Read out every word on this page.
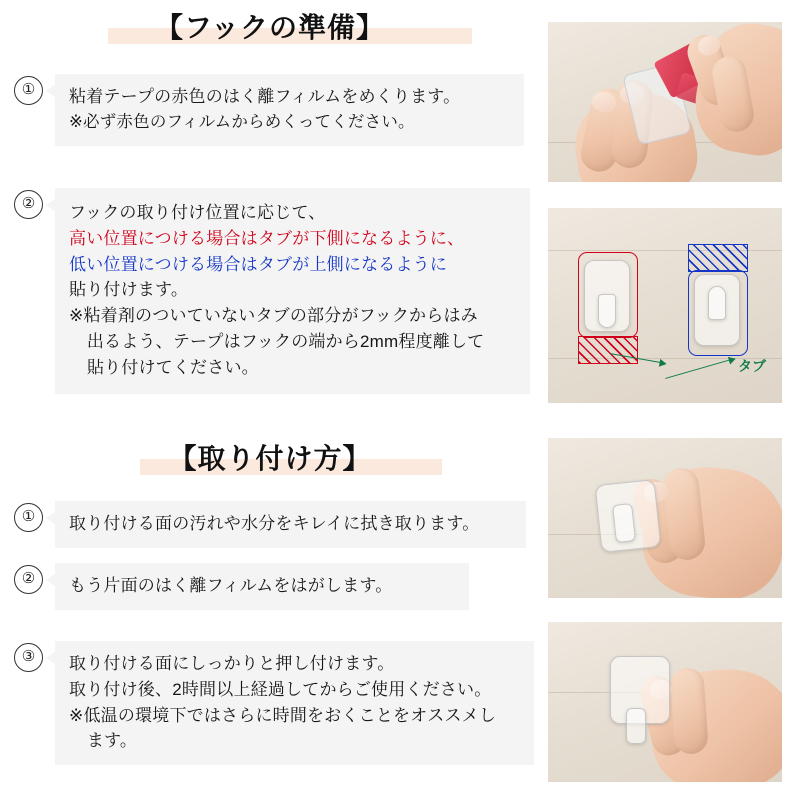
【フックの準備】
①	粘着テープの赤色のはく離フィルムをめくります。
※必ず赤色のフィルムからめくってください。
②	フックの取り付け位置に応じて、
高い位置につける場合はタブが下側になるように、
低い位置につける場合はタブが上側になるように
貼り付けます。
※粘着剤のついていないタブの部分がフックからはみ
出るよう、テープはフックの端から2mm程度離して
貼り付けてください。
【取り付け方】
①	取り付ける面の汚れや水分をキレイに拭き取ります。
②	もう片面のはく離フィルムをはがします。
③	取り付ける面にしっかりと押し付けます。
取り付け後、2時間以上経過してからご使用ください。
※低温の環境下ではさらに時間をおくことをオススメし
ます。
タブ
